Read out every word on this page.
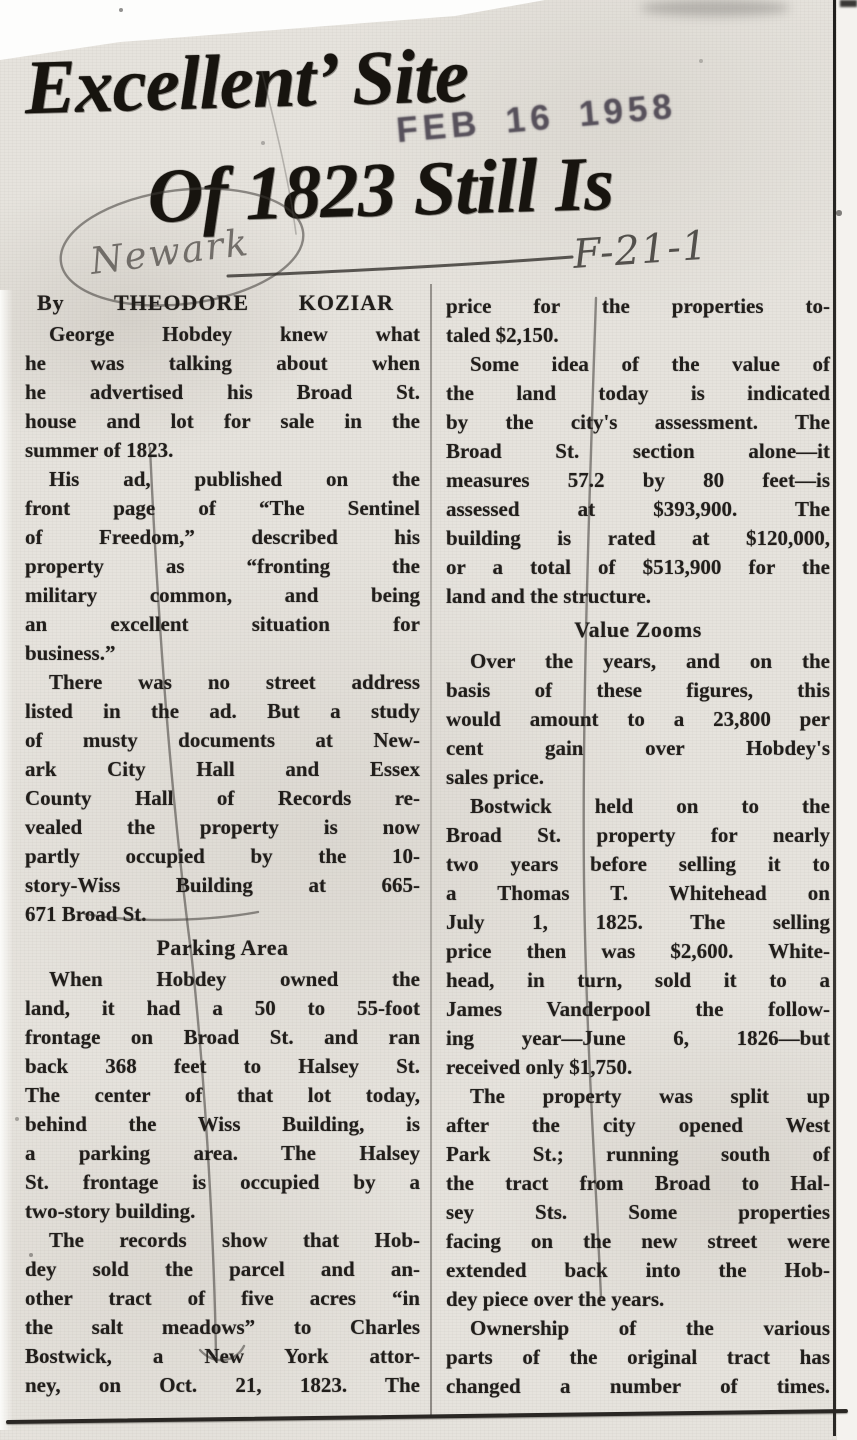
Excellent’ Site
Of 1823 Still Is
FEB 16 1958
Newark	F-21-1
By THEODORE KOZIAR
George Hobdey knew what
he was talking about when
he advertised his Broad St.
house and lot for sale in the
summer of 1823.
His ad, published on the
front page of “The Sentinel
of Freedom,” described his
property as “fronting the
military common, and being
an excellent situation for
business.”
There was no street address
listed in the ad. But a study
of musty documents at New-
ark City Hall and Essex
County Hall of Records re-
vealed the property is now
partly occupied by the 10-
story-Wiss Building at 665-
671 Broad St.
Parking Area
When Hobdey owned the
land, it had a 50 to 55-foot
frontage on Broad St. and ran
back 368 feet to Halsey St.
The center of that lot today,
behind the Wiss Building, is
a parking area. The Halsey
St. frontage is occupied by a
two-story building.
The records show that Hob-
dey sold the parcel and an-
other tract of five acres “in
the salt meadows” to Charles
Bostwick, a New York attor-
ney, on Oct. 21, 1823. The
price for the properties to-
taled $2,150.
Some idea of the value of
the land today is indicated
by the city's assessment. The
Broad St. section alone—it
measures 57.2 by 80 feet—is
assessed at $393,900. The
building is rated at $120,000,
or a total of $513,900 for the
land and the structure.
Value Zooms
Over the years, and on the
basis of these figures, this
would amount to a 23,800 per
cent gain over Hobdey's
sales price.
Bostwick held on to the
Broad St. property for nearly
two years before selling it to
a Thomas T. Whitehead on
July 1, 1825. The selling
price then was $2,600. White-
head, in turn, sold it to a
James Vanderpool the follow-
ing year—June 6, 1826—but
received only $1,750.
The property was split up
after the city opened West
Park St.; running south of
the tract from Broad to Hal-
sey Sts. Some properties
facing on the new street were
extended back into the Hob-
dey piece over the years.
Ownership of the various
parts of the original tract has
changed a number of times.
